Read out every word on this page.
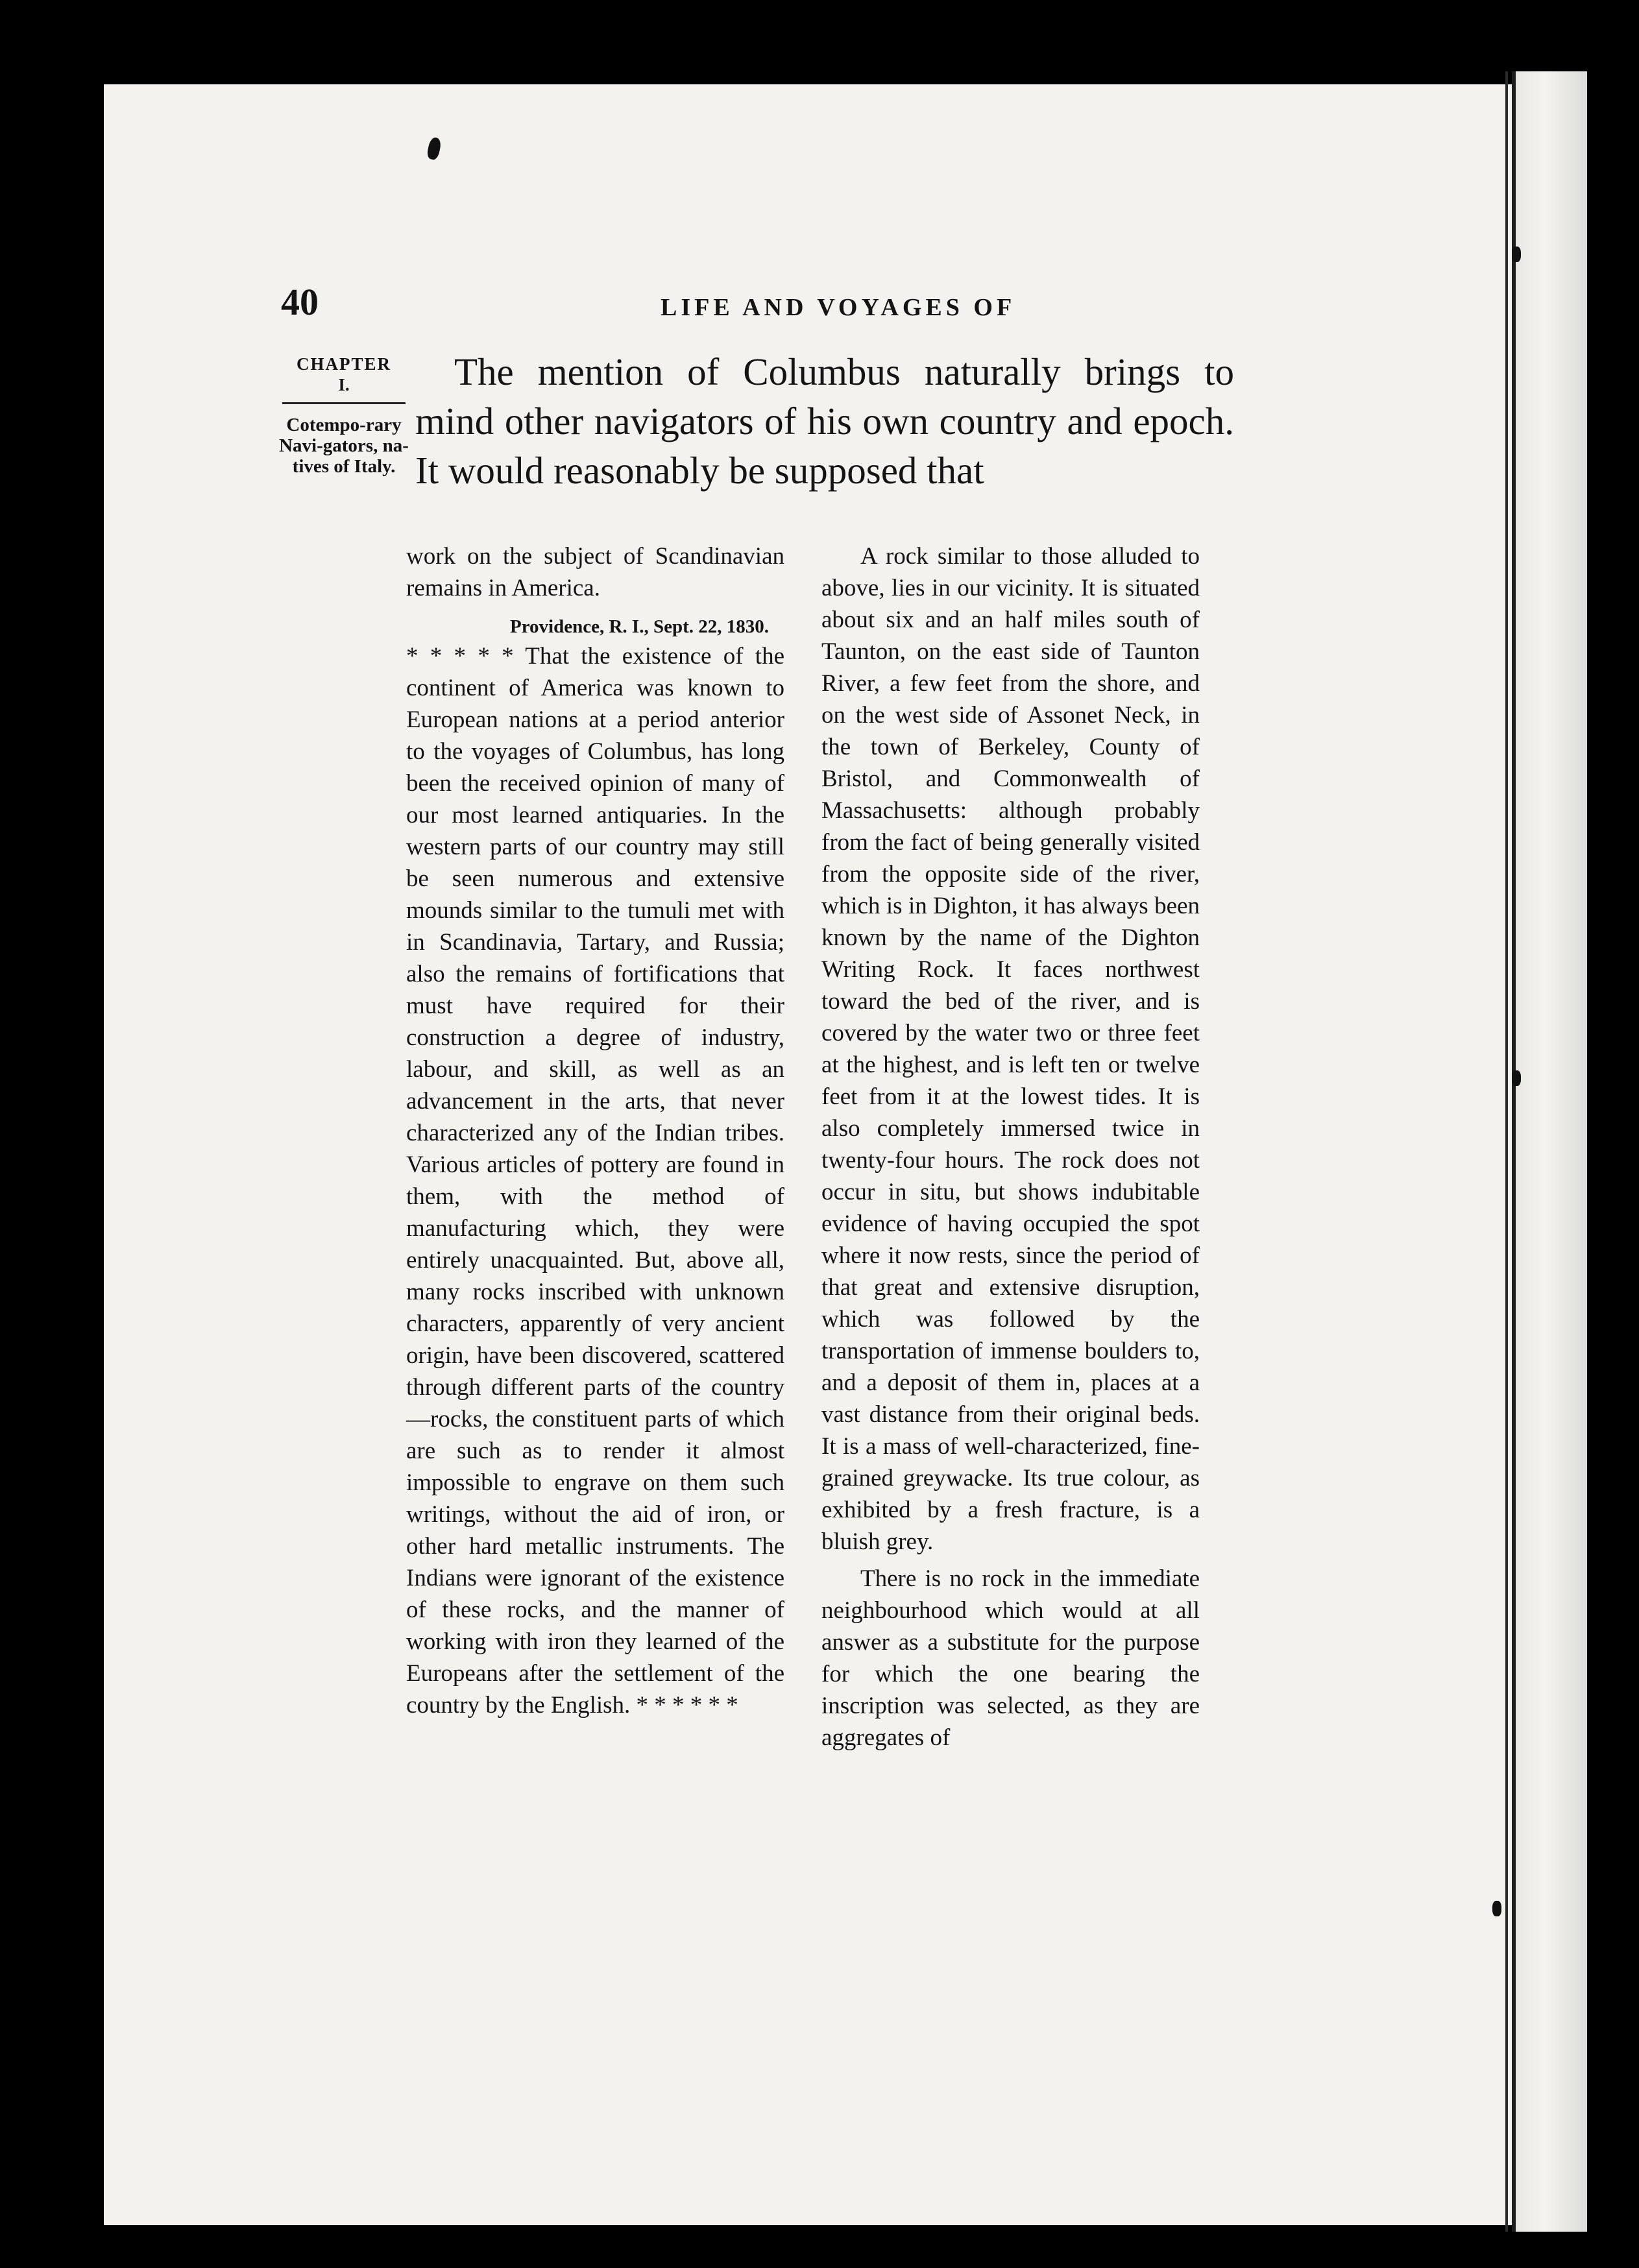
40	LIFE AND VOYAGES OF
CHAPTER
I.
Cotempo-rary Navi-gators, na-tives of Italy.

The mention of Columbus naturally brings to mind other navigators of his own country and epoch. It would reasonably be supposed that

work on the subject of Scandinavian remains in America.

Providence, R. I., Sept. 22, 1830.

* * * * * That the existence of the continent of America was known to European nations at a period anterior to the voyages of Columbus, has long been the received opinion of many of our most learned antiquaries. In the western parts of our country may still be seen numerous and extensive mounds similar to the tumuli met with in Scandinavia, Tartary, and Russia; also the remains of fortifications that must have required for their construction a degree of industry, labour, and skill, as well as an advancement in the arts, that never characterized any of the Indian tribes. Various articles of pottery are found in them, with the method of manufacturing which, they were entirely unacquainted. But, above all, many rocks inscribed with unknown characters, apparently of very ancient origin, have been discovered, scattered through different parts of the country—rocks, the constituent parts of which are such as to render it almost impossible to engrave on them such writings, without the aid of iron, or other hard metallic instruments. The Indians were ignorant of the existence of these rocks, and the manner of working with iron they learned of the Europeans after the settlement of the country by the English. * * * * * *

A rock similar to those alluded to above, lies in our vicinity. It is situated about six and an half miles south of Taunton, on the east side of Taunton River, a few feet from the shore, and on the west side of Assonet Neck, in the town of Berkeley, County of Bristol, and Commonwealth of Massachusetts: although probably from the fact of being generally visited from the opposite side of the river, which is in Dighton, it has always been known by the name of the Dighton Writing Rock. It faces northwest toward the bed of the river, and is covered by the water two or three feet at the highest, and is left ten or twelve feet from it at the lowest tides. It is also completely immersed twice in twenty-four hours. The rock does not occur in situ, but shows indubitable evidence of having occupied the spot where it now rests, since the period of that great and extensive disruption, which was followed by the transportation of immense boulders to, and a deposit of them in, places at a vast distance from their original beds. It is a mass of well-characterized, fine-grained greywacke. Its true colour, as exhibited by a fresh fracture, is a bluish grey.

There is no rock in the immediate neighbourhood which would at all answer as a substitute for the purpose for which the one bearing the inscription was selected, as they are aggregates of
